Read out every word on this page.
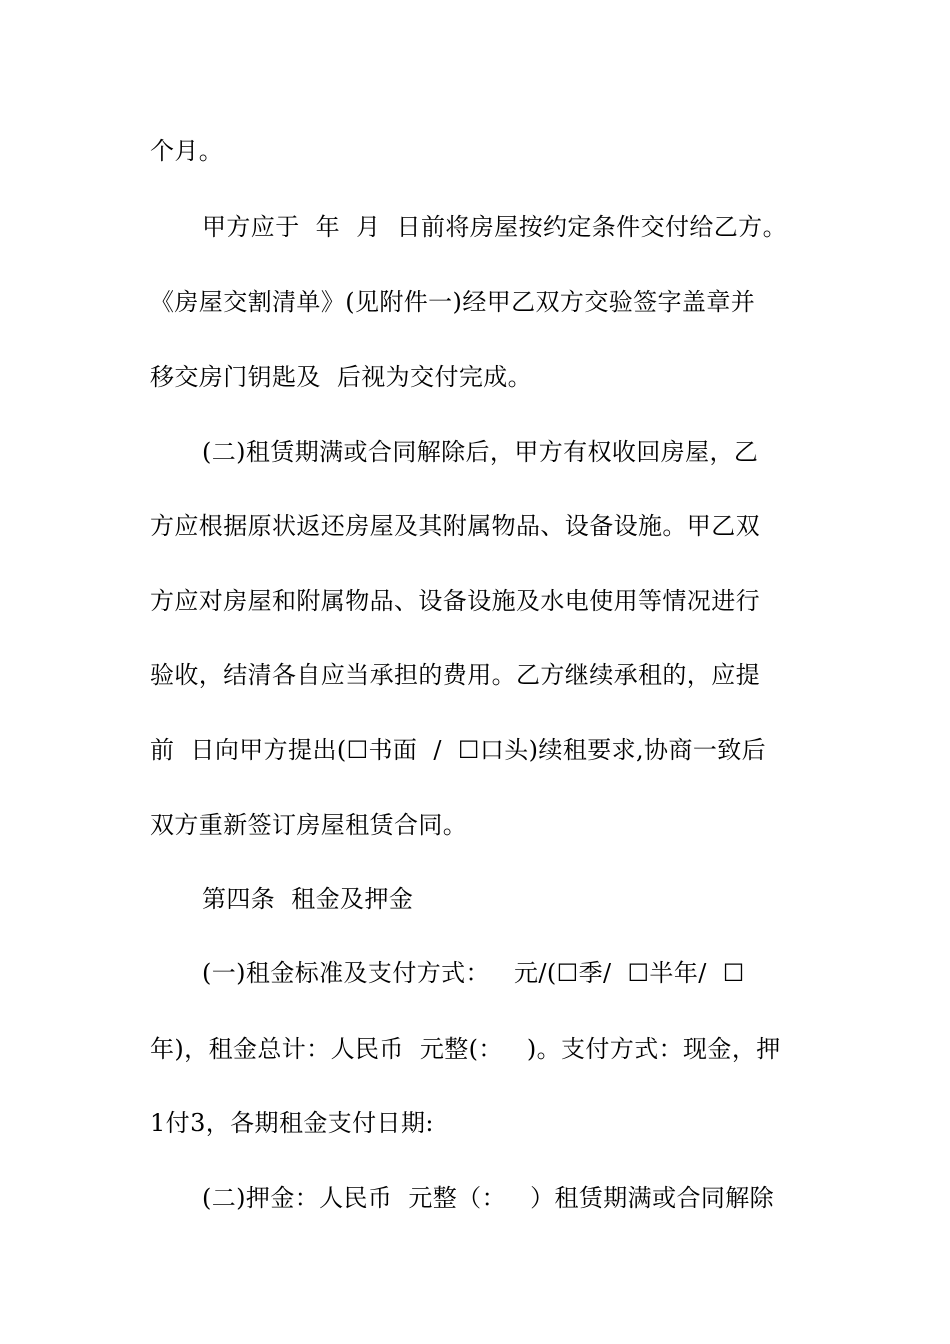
个月。
甲方应于  年  月  日前将房屋按约定条件交付给乙方。
《房屋交割清单》(见附件一)经甲乙双方交验签字盖章并
移交房门钥匙及  后视为交付完成。
(二)租赁期满或合同解除后，甲方有权收回房屋，乙
方应根据原状返还房屋及其附属物品、设备设施。甲乙双
方应对房屋和附属物品、设备设施及水电使用等情况进行
验收，结清各自应当承担的费用。乙方继续承租的，应提
前  日向甲方提出(☐书面  /  ☐口头)续租要求,协商一致后
双方重新签订房屋租赁合同。
第四条  租金及押金
(一)租金标准及支付方式：   元/(☐季/  ☐半年/  ☐
年)，租金总计：人民币  元整(：   )。支付方式：现金，押
1付3，各期租金支付日期:
(二)押金：人民币  元整（：   ）租赁期满或合同解除
